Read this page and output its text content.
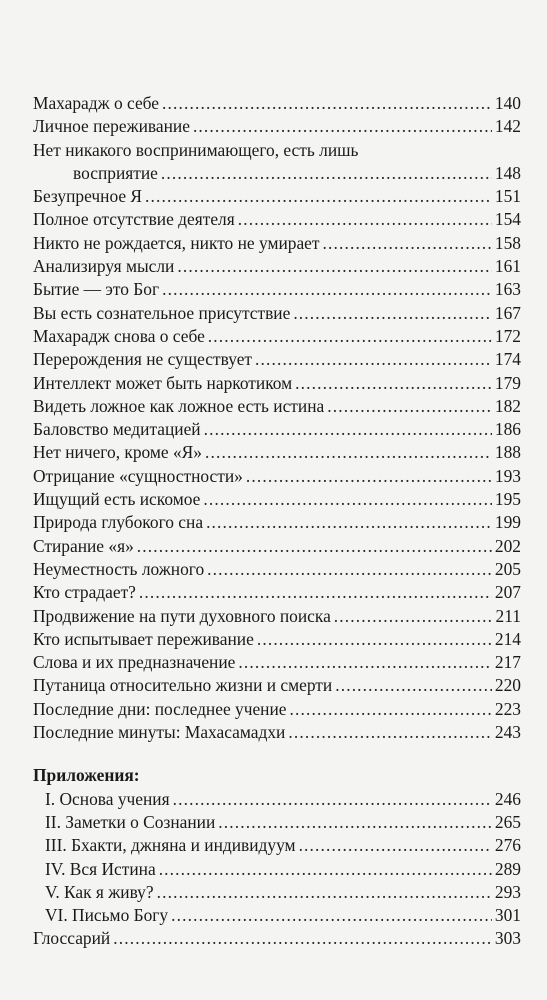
Махарадж о себе . . .	140
Личное переживание . . .	142
Нет никакого воспринимающего, есть лишь
восприятие . . .	148
Безупречное Я . . .	151
Полное отсутствие деятеля . . .	154
Никто не рождается, никто не умирает . . .	158
Анализируя мысли . . .	161
Бытие — это Бог . . .	163
Вы есть сознательное присутствие . . .	167
Махарадж снова о себе . . .	172
Перерождения не существует . . .	174
Интеллект может быть наркотиком . . .	179
Видеть ложное как ложное есть истина . . .	182
Баловство медитацией . . .	186
Нет ничего, кроме «Я» . . .	188
Отрицание «сущностности» . . .	193
Ищущий есть искомое . . .	195
Природа глубокого сна . . .	199
Стирание «я» . . .	202
Неуместность ложного . . .	205
Кто страдает? . . .	207
Продвижение на пути духовного поиска . . .	211
Кто испытывает переживание . . .	214
Слова и их предназначение . . .	217
Путаница относительно жизни и смерти . . .	220
Последние дни: последнее учение . . .	223
Последние минуты: Махасамадхи . . .	243
Приложения:
I. Основа учения . . .	246
II. Заметки о Сознании . . .	265
III. Бхакти, джняна и индивидуум . . .	276
IV. Вся Истина . . .	289
V. Как я живу? . . .	293
VI. Письмо Богу . . .	301
Глоссарий . . .	303
